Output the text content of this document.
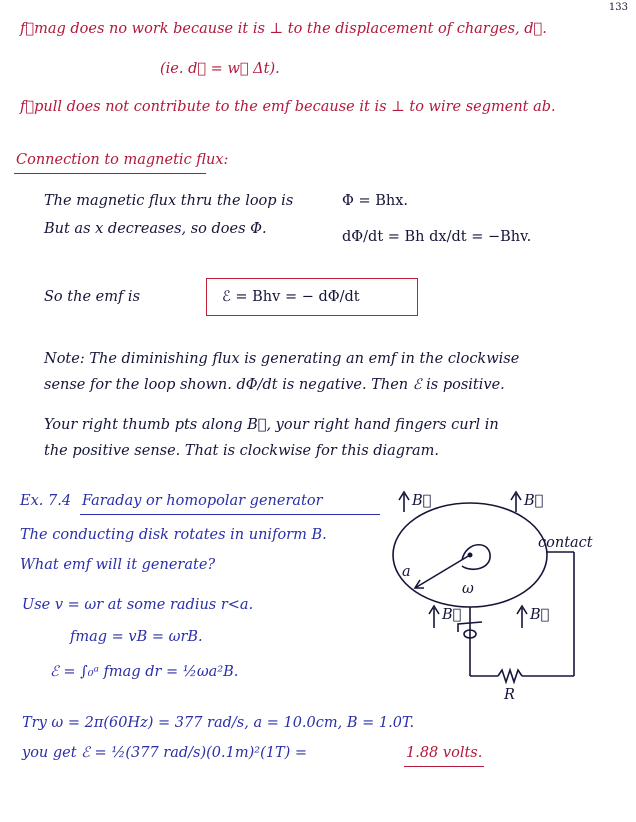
133
f⃗mag does no work because it is ⊥ to the displacement of charges, d⃗.
(ie. d⃗ = w⃗ Δt).
f⃗pull does not contribute to the emf because it is ⊥ to wire segment ab.
Connection to magnetic flux:
The magnetic flux thru the loop is	Φ = Bhx.
But as x decreases, so does Φ.	dΦ/dt = Bh dx/dt = −Bhv.
So the emf is	ℰ = Bhv = − dΦ/dt
Note: The diminishing flux is generating an emf in the clockwise
sense for the loop shown. dΦ/dt is negative. Then ℰ is positive.
Your right thumb pts along B⃗, your right hand fingers curl in
the positive sense. That is clockwise for this diagram.
Ex. 7.4 Faraday or homopolar generator
The conducting disk rotates in uniform B.
What emf will it generate?
Use v = ωr at some radius r<a.
fmag = vB = ωrB.
ℰ = ∫₀ᵃ fmag dr = ½ωa²B.
Try ω = 2π(60Hz) = 377 rad/s, a = 10.0cm, B = 1.0T.
you get ℰ = ½(377 rad/s)(0.1m)²(1T) =	1.88 volts.
B⃗	B⃗
contact
a
ω
B⃗	B⃗
R
